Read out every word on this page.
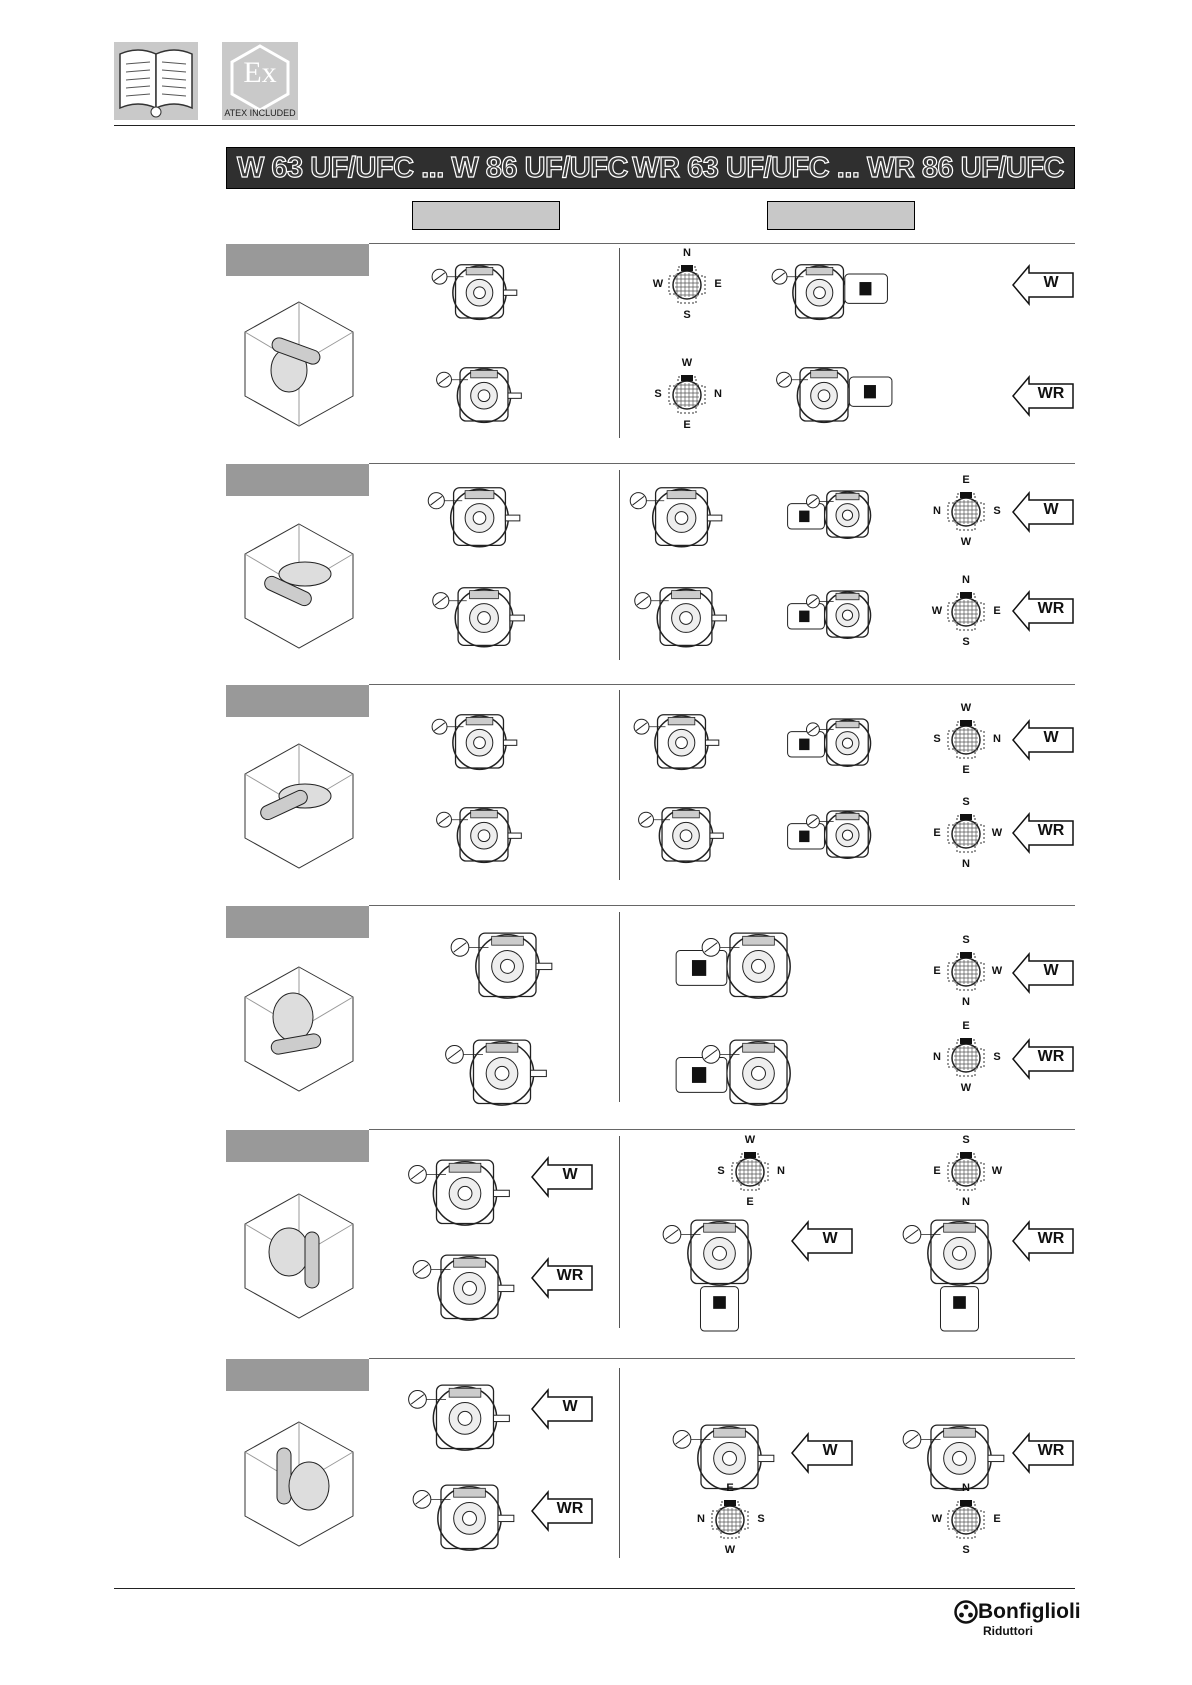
Ex
ATEX INCLUDED
W 63 UF/UFC ... W 86 UF/UFC WR 63 UF/UFC ... WR 86 UF/UFC
N
S
W	E
W
E
S	N
W
WR
E
W
N	S
N
S
W	E
W
WR
W
E
S	N
S
N
E	W
W
WR
S
N
E	W
E
W
N	S
W
WR
W
E
S	N
S
N
E	W
W
WR
W	WR
E
W
N	S
N
S
W	E
W
WR
W	WR
Bonfiglioli
Riduttori
